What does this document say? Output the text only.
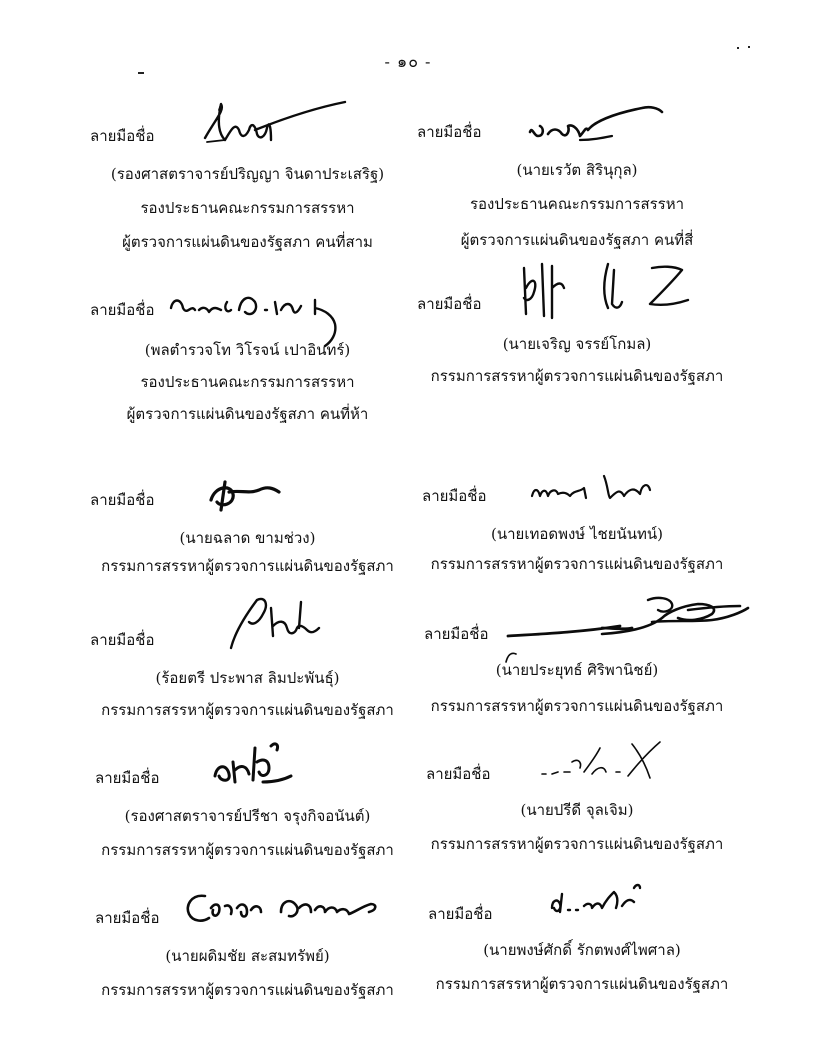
- ๑๐ -
ลายมือชื่อ
(รองศาสตราจารย์ปริญญา จินดาประเสริฐ)
รองประธานคณะกรรมการสรรหา
ผู้ตรวจการแผ่นดินของรัฐสภา คนที่สาม
ลายมือชื่อ
(นายเรวัต สิรินุกุล)
รองประธานคณะกรรมการสรรหา
ผู้ตรวจการแผ่นดินของรัฐสภา คนที่สี่
ลายมือชื่อ
(พลตำรวจโท วิโรจน์ เปาอินทร์)
รองประธานคณะกรรมการสรรหา
ผู้ตรวจการแผ่นดินของรัฐสภา คนที่ห้า
ลายมือชื่อ
(นายเจริญ จรรย์โกมล)
กรรมการสรรหาผู้ตรวจการแผ่นดินของรัฐสภา
ลายมือชื่อ
(นายฉลาด ขามช่วง)
กรรมการสรรหาผู้ตรวจการแผ่นดินของรัฐสภา
ลายมือชื่อ
(นายเทอดพงษ์ ไชยนันทน์)
กรรมการสรรหาผู้ตรวจการแผ่นดินของรัฐสภา
ลายมือชื่อ
(ร้อยตรี ประพาส ลิมปะพันธุ์)
กรรมการสรรหาผู้ตรวจการแผ่นดินของรัฐสภา
ลายมือชื่อ
(นายประยุทธ์ ศิริพานิชย์)
กรรมการสรรหาผู้ตรวจการแผ่นดินของรัฐสภา
ลายมือชื่อ
(รองศาสตราจารย์ปรีชา จรุงกิจอนันต์)
กรรมการสรรหาผู้ตรวจการแผ่นดินของรัฐสภา
ลายมือชื่อ
(นายปรีดี จุลเจิม)
กรรมการสรรหาผู้ตรวจการแผ่นดินของรัฐสภา
ลายมือชื่อ
(นายผดิมชัย สะสมทรัพย์)
กรรมการสรรหาผู้ตรวจการแผ่นดินของรัฐสภา
ลายมือชื่อ
(นายพงษ์ศักดิ์ รักตพงศ์ไพศาล)
กรรมการสรรหาผู้ตรวจการแผ่นดินของรัฐสภา
